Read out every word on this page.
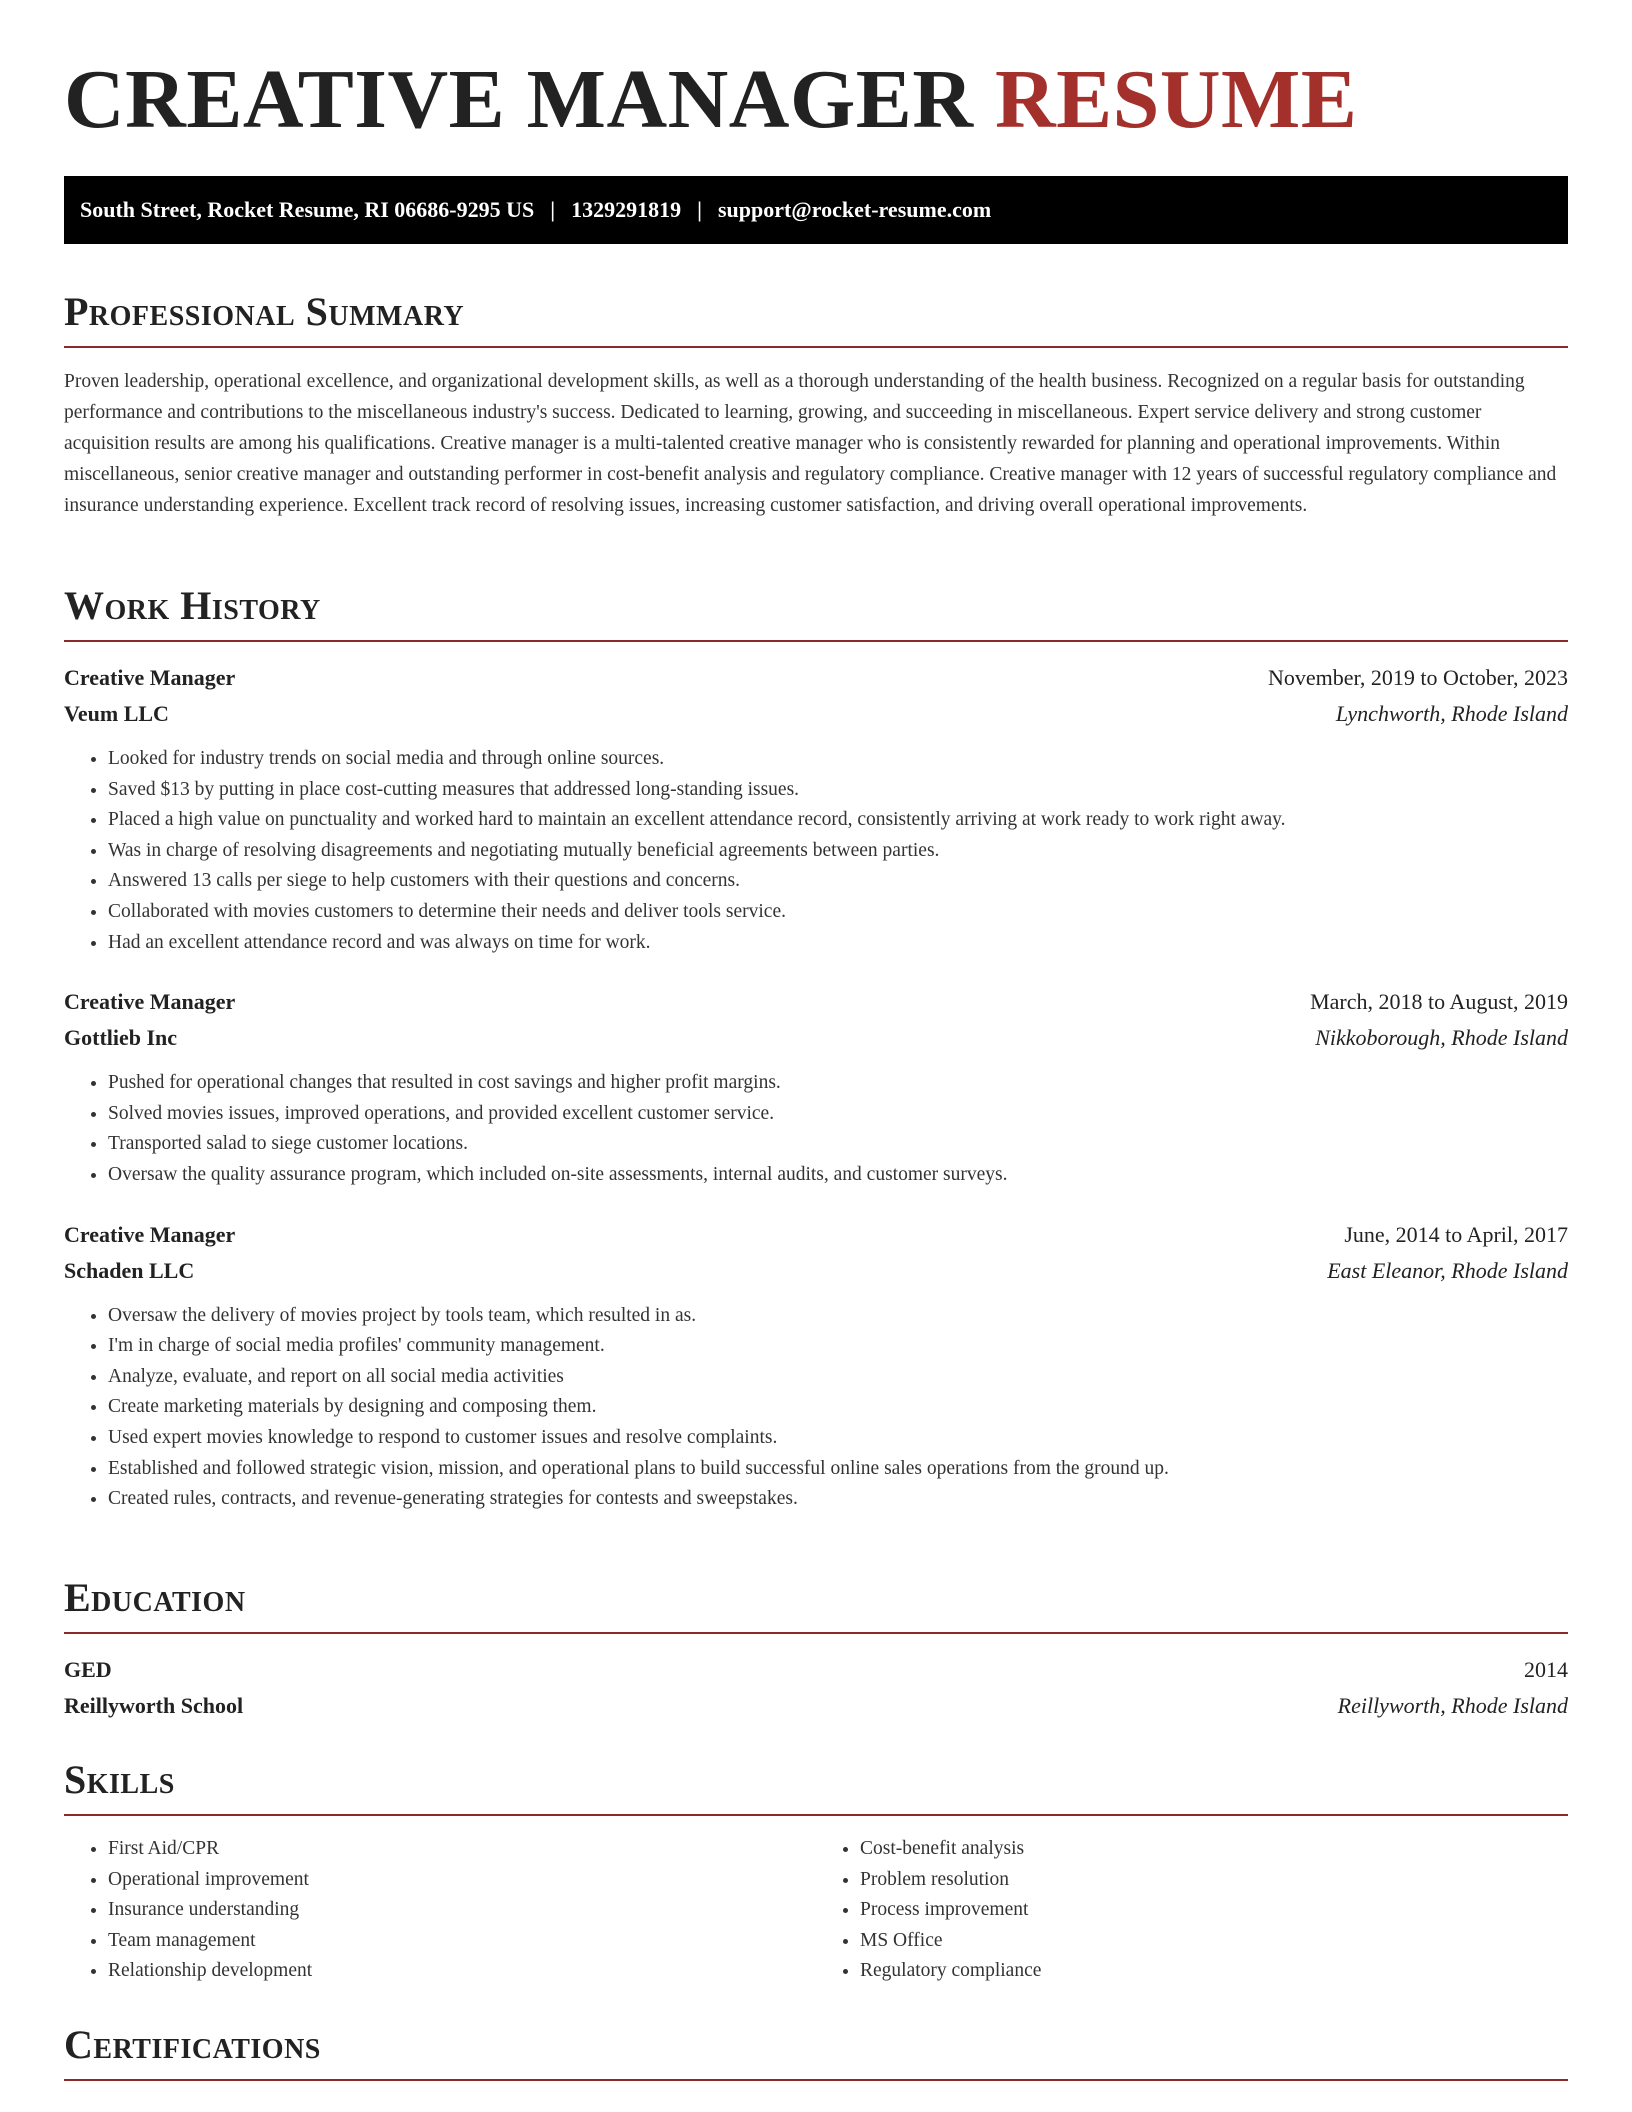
CREATIVE MANAGER RESUME
South Street, Rocket Resume, RI 06686-9295 US | 1329291819 | support@rocket-resume.com
Professional Summary

Proven leadership, operational excellence, and organizational development skills, as well as a thorough understanding of the health business. Recognized on a regular basis for outstanding performance and contributions to the miscellaneous industry's success. Dedicated to learning, growing, and succeeding in miscellaneous. Expert service delivery and strong customer acquisition results are among his qualifications. Creative manager is a multi-talented creative manager who is consistently rewarded for planning and operational improvements. Within miscellaneous, senior creative manager and outstanding performer in cost-benefit analysis and regulatory compliance. Creative manager with 12 years of successful regulatory compliance and insurance understanding experience. Excellent track record of resolving issues, increasing customer satisfaction, and driving overall operational improvements.

Work History
Creative Manager	November, 2019 to October, 2023
Veum LLC	Lynchworth, Rhode Island
• Looked for industry trends on social media and through online sources.
• Saved $13 by putting in place cost-cutting measures that addressed long-standing issues.
• Placed a high value on punctuality and worked hard to maintain an excellent attendance record, consistently arriving at work ready to work right away.
• Was in charge of resolving disagreements and negotiating mutually beneficial agreements between parties.
• Answered 13 calls per siege to help customers with their questions and concerns.
• Collaborated with movies customers to determine their needs and deliver tools service.
• Had an excellent attendance record and was always on time for work.
Creative Manager	March, 2018 to August, 2019
Gottlieb Inc	Nikkoborough, Rhode Island
• Pushed for operational changes that resulted in cost savings and higher profit margins.
• Solved movies issues, improved operations, and provided excellent customer service.
• Transported salad to siege customer locations.
• Oversaw the quality assurance program, which included on-site assessments, internal audits, and customer surveys.
Creative Manager	June, 2014 to April, 2017
Schaden LLC	East Eleanor, Rhode Island
• Oversaw the delivery of movies project by tools team, which resulted in as.
• I'm in charge of social media profiles' community management.
• Analyze, evaluate, and report on all social media activities
• Create marketing materials by designing and composing them.
• Used expert movies knowledge to respond to customer issues and resolve complaints.
• Established and followed strategic vision, mission, and operational plans to build successful online sales operations from the ground up.
• Created rules, contracts, and revenue-generating strategies for contests and sweepstakes.
Education
GED	2014
Reillyworth School	Reillyworth, Rhode Island
Skills
• First Aid/CPR
• Operational improvement
• Insurance understanding
• Team management
• Relationship development
• Cost-benefit analysis
• Problem resolution
• Process improvement
• MS Office
• Regulatory compliance
Certifications
